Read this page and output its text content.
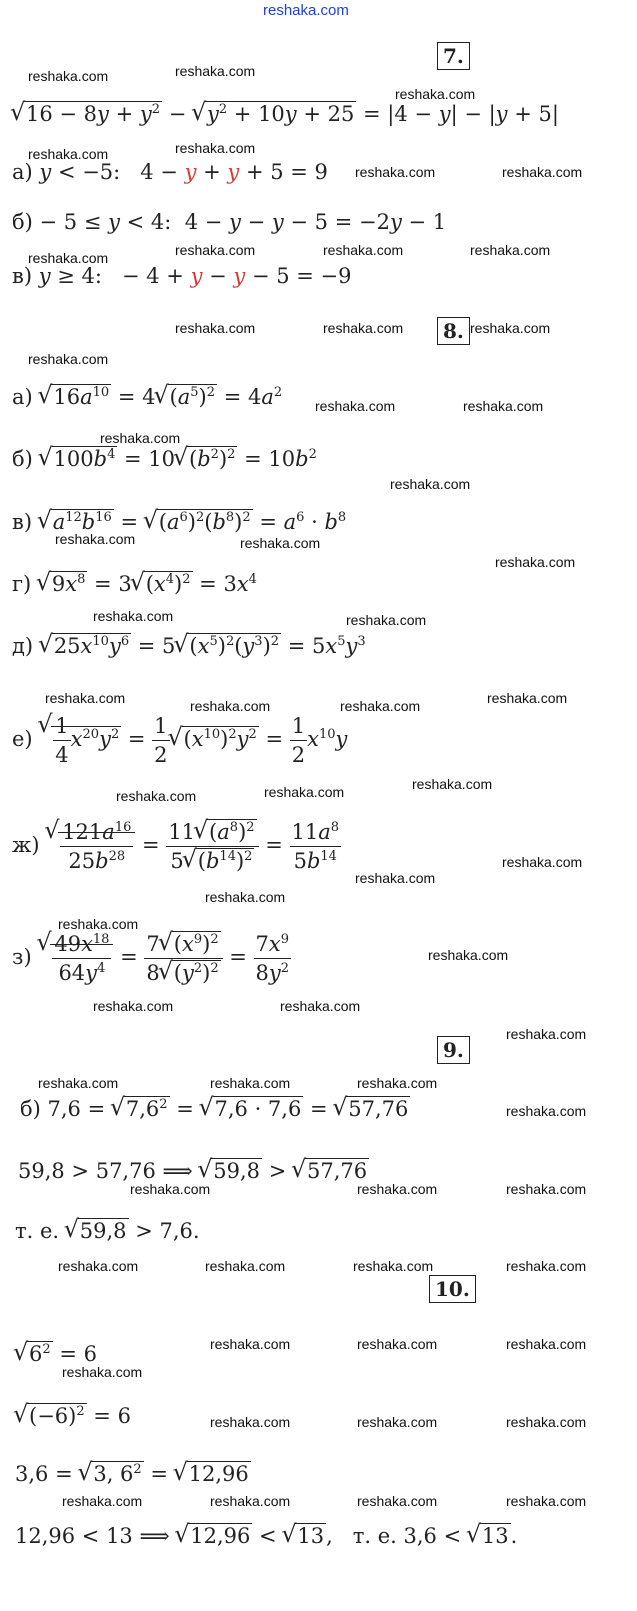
reshaka.com
7.
8.
9.
10.
√ $16 - 8y + y^2$ − √ $y^2 + 10y + 25 = |4 - y| - |y + 5|$
а) y < −5:   4 − y + y + 5 = 9
б) − 5 ≤ y < 4:  4 − y − y − 5 = −2y − 1
в) y ≥ 4:   − 4 + y − y − 5 = −9
а) √ $16a^{10} = 4√$ $(a^5)^2 = 4a^2$
б) √ $100b^4 = 10√$ $(b^2)^2 = 10b^2$
в) √ $a^{12}b^{16}$ = √ $(a^6)^2(b^8)^2 = a^6 \cdot b^8$
г) √ $9x^8 = 3√$ $(x^4)^2 = 3x^4$
д) √ $25x^{10}y^6 = 5√$ $(x^5)^2(y^3)^2 = 5x^5y^3$
е)
√ $\frac{1}{4} x^{20}y^2 = \frac{1}{2}$
√ $(x^{10})^2y^2 = \frac{1}{2} x^{10}y$
ж)
√ $\frac{121a^{16}}{25b^{28}} = \frac{11√ (a^8)^2}{5√ (b^{14})^2} = \frac{11a^8}{5b^{14}}$
з)
√ $\frac{49x^{18}}{64y^4} = \frac{7√ (x^9)^2}{8√ (y^2)^2} = \frac{7x^9}{8y^2}$
б) 7,6 = √ $7,6^2$ = √ 7,6 · 7,6 = √ 57,76
59,8 > 57,76 ⟹ √ 59,8 > √ 57,76
т. е. √ 59,8 > 7,6.
√ $6^2 = 6$
√ $(-6)^2 = 6$
3,6 = √ 3, $6^2$ = √ 12,96
12,96 < 13 ⟹ √ 12,96 < √ 13,   т. е. 3,6 < √ 13.
reshaka.com	reshaka.com
reshaka.com
reshaka.com
reshaka.com	reshaka.com
reshaka.com
reshaka.com	reshaka.com	reshaka.com	reshaka.com
reshaka.com	reshaka.com	reshaka.com
reshaka.com
reshaka.com	reshaka.com
reshaka.com
reshaka.com
reshaka.com	reshaka.com
reshaka.com
reshaka.com	reshaka.com
reshaka.com	reshaka.com	reshaka.com	reshaka.com
reshaka.com	reshaka.com	reshaka.com
reshaka.com
reshaka.com
reshaka.com
reshaka.com
reshaka.com	reshaka.com
reshaka.com
reshaka.com
reshaka.com	reshaka.com	reshaka.com
reshaka.com
reshaka.com	reshaka.com	reshaka.com
reshaka.com	reshaka.com	reshaka.com	reshaka.com
reshaka.com	reshaka.com	reshaka.com
reshaka.com
reshaka.com	reshaka.com	reshaka.com
reshaka.com	reshaka.com	reshaka.com	reshaka.com
